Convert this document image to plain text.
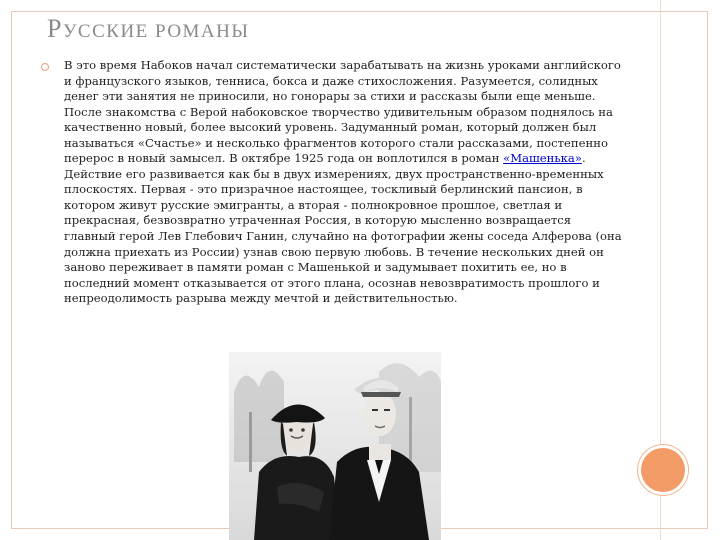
РУССКИЕ РОМАНЫ
В это время Набоков начал систематически зарабатывать на жизнь уроками английского и французского языков, тенниса, бокса и даже стихосложения. Разумеется, солидных денег эти занятия не приносили, но гонорары за стихи и рассказы были еще меньше. После знакомства с Верой набоковское творчество удивительным образом поднялось на качественно новый, более высокий уровень. Задуманный роман, который должен был называться «Счастье» и несколько фрагментов которого стали рассказами, постепенно перерос в новый замысел. В октябре 1925 года он воплотился в роман «Машенька». Действие его развивается как бы в двух измерениях, двух пространственно-временных плоскостях. Первая - это призрачное настоящее, тоскливый берлинский пансион, в котором живут русские эмигранты, а вторая - полнокровное прошлое, светлая и прекрасная, безвозвратно утраченная Россия, в которую мысленно возвращается главный герой Лев Глебович Ганин, случайно на фотографии жены соседа Алферова (она должна приехать из России) узнав свою первую любовь. В течение нескольких дней он заново переживает в памяти роман с Машенькой и задумывает похитить ее, но в последний момент отказывается от этого плана, осознав невозвратимость прошлого и непреодолимость разрыва между мечтой и действительностью.
